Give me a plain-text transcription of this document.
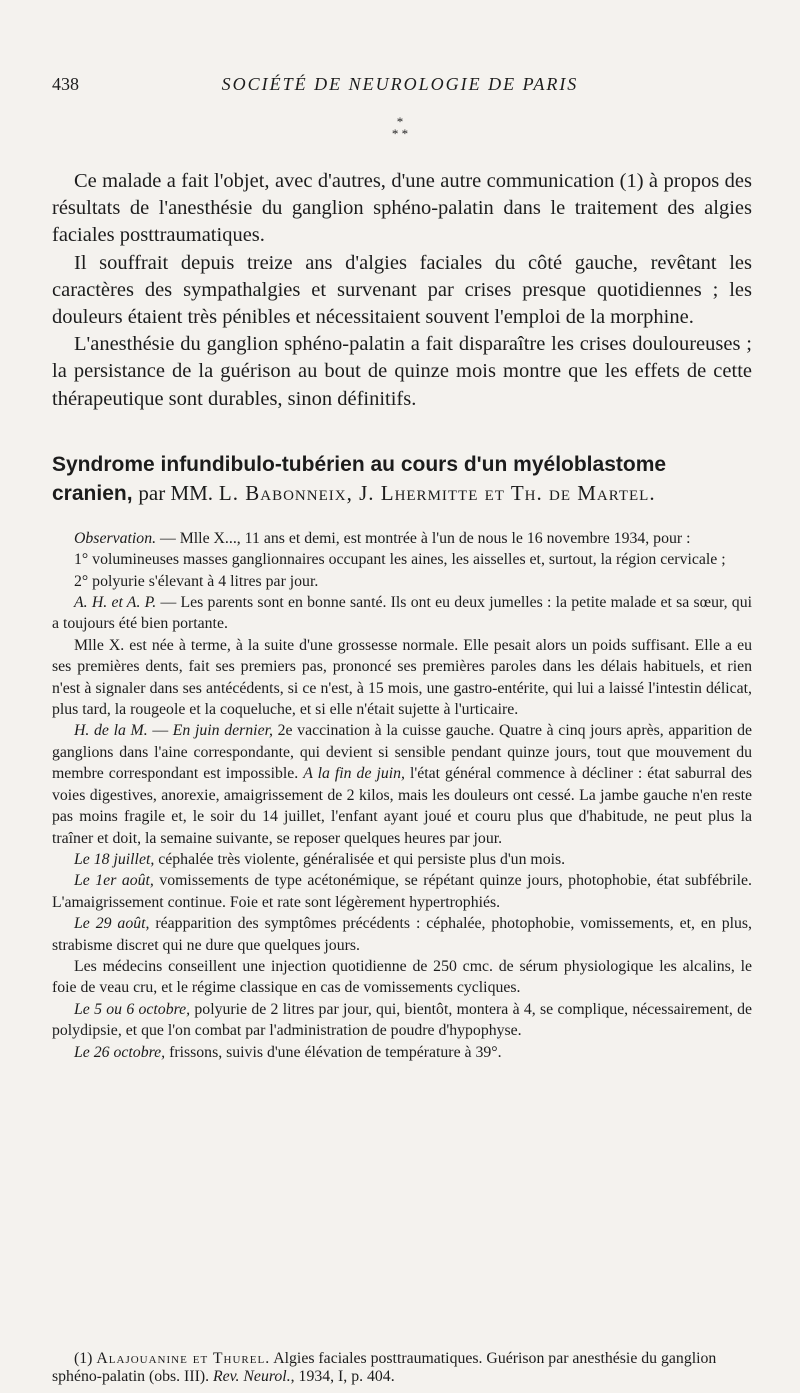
438	SOCIÉTÉ DE NEUROLOGIE DE PARIS
*
* *

Ce malade a fait l'objet, avec d'autres, d'une autre communication (1) à propos des résultats de l'anesthésie du ganglion sphéno-palatin dans le traitement des algies faciales posttraumatiques.

Il souffrait depuis treize ans d'algies faciales du côté gauche, revêtant les caractères des sympathalgies et survenant par crises presque quotidiennes ; les douleurs étaient très pénibles et nécessitaient souvent l'emploi de la morphine.

L'anesthésie du ganglion sphéno-palatin a fait disparaître les crises douloureuses ; la persistance de la guérison au bout de quinze mois montre que les effets de cette thérapeutique sont durables, sinon définitifs.

Syndrome infundibulo-tubérien au cours d'un myéloblastome cranien, par MM. L. Babonneix, J. Lhermitte et Th. de Martel.

Observation. — Mlle X..., 11 ans et demi, est montrée à l'un de nous le 16 novembre 1934, pour :

1° volumineuses masses ganglionnaires occupant les aines, les aisselles et, surtout, la région cervicale ;

2° polyurie s'élevant à 4 litres par jour.

A. H. et A. P. — Les parents sont en bonne santé. Ils ont eu deux jumelles : la petite malade et sa sœur, qui a toujours été bien portante.

Mlle X. est née à terme, à la suite d'une grossesse normale. Elle pesait alors un poids suffisant. Elle a eu ses premières dents, fait ses premiers pas, prononcé ses premières paroles dans les délais habituels, et rien n'est à signaler dans ses antécédents, si ce n'est, à 15 mois, une gastro-entérite, qui lui a laissé l'intestin délicat, plus tard, la rougeole et la coqueluche, et si elle n'était sujette à l'urticaire.

H. de la M. — En juin dernier, 2e vaccination à la cuisse gauche. Quatre à cinq jours après, apparition de ganglions dans l'aine correspondante, qui devient si sensible pendant quinze jours, tout que mouvement du membre correspondant est impossible. A la fin de juin, l'état général commence à décliner : état saburral des voies digestives, anorexie, amaigrissement de 2 kilos, mais les douleurs ont cessé. La jambe gauche n'en reste pas moins fragile et, le soir du 14 juillet, l'enfant ayant joué et couru plus que d'habitude, ne peut plus la traîner et doit, la semaine suivante, se reposer quelques heures par jour.

Le 18 juillet, céphalée très violente, généralisée et qui persiste plus d'un mois.

Le 1er août, vomissements de type acétonémique, se répétant quinze jours, photophobie, état subfébrile. L'amaigrissement continue. Foie et rate sont légèrement hypertrophiés.

Le 29 août, réapparition des symptômes précédents : céphalée, photophobie, vomissements, et, en plus, strabisme discret qui ne dure que quelques jours.

Les médecins conseillent une injection quotidienne de 250 cmc. de sérum physiologique les alcalins, le foie de veau cru, et le régime classique en cas de vomissements cycliques.

Le 5 ou 6 octobre, polyurie de 2 litres par jour, qui, bientôt, montera à 4, se complique, nécessairement, de polydipsie, et que l'on combat par l'administration de poudre d'hypophyse.

Le 26 octobre, frissons, suivis d'une élévation de température à 39°.

(1) Alajouanine et Thurel. Algies faciales posttraumatiques. Guérison par anesthésie du ganglion sphéno-palatin (obs. III). Rev. Neurol., 1934, I, p. 404.
